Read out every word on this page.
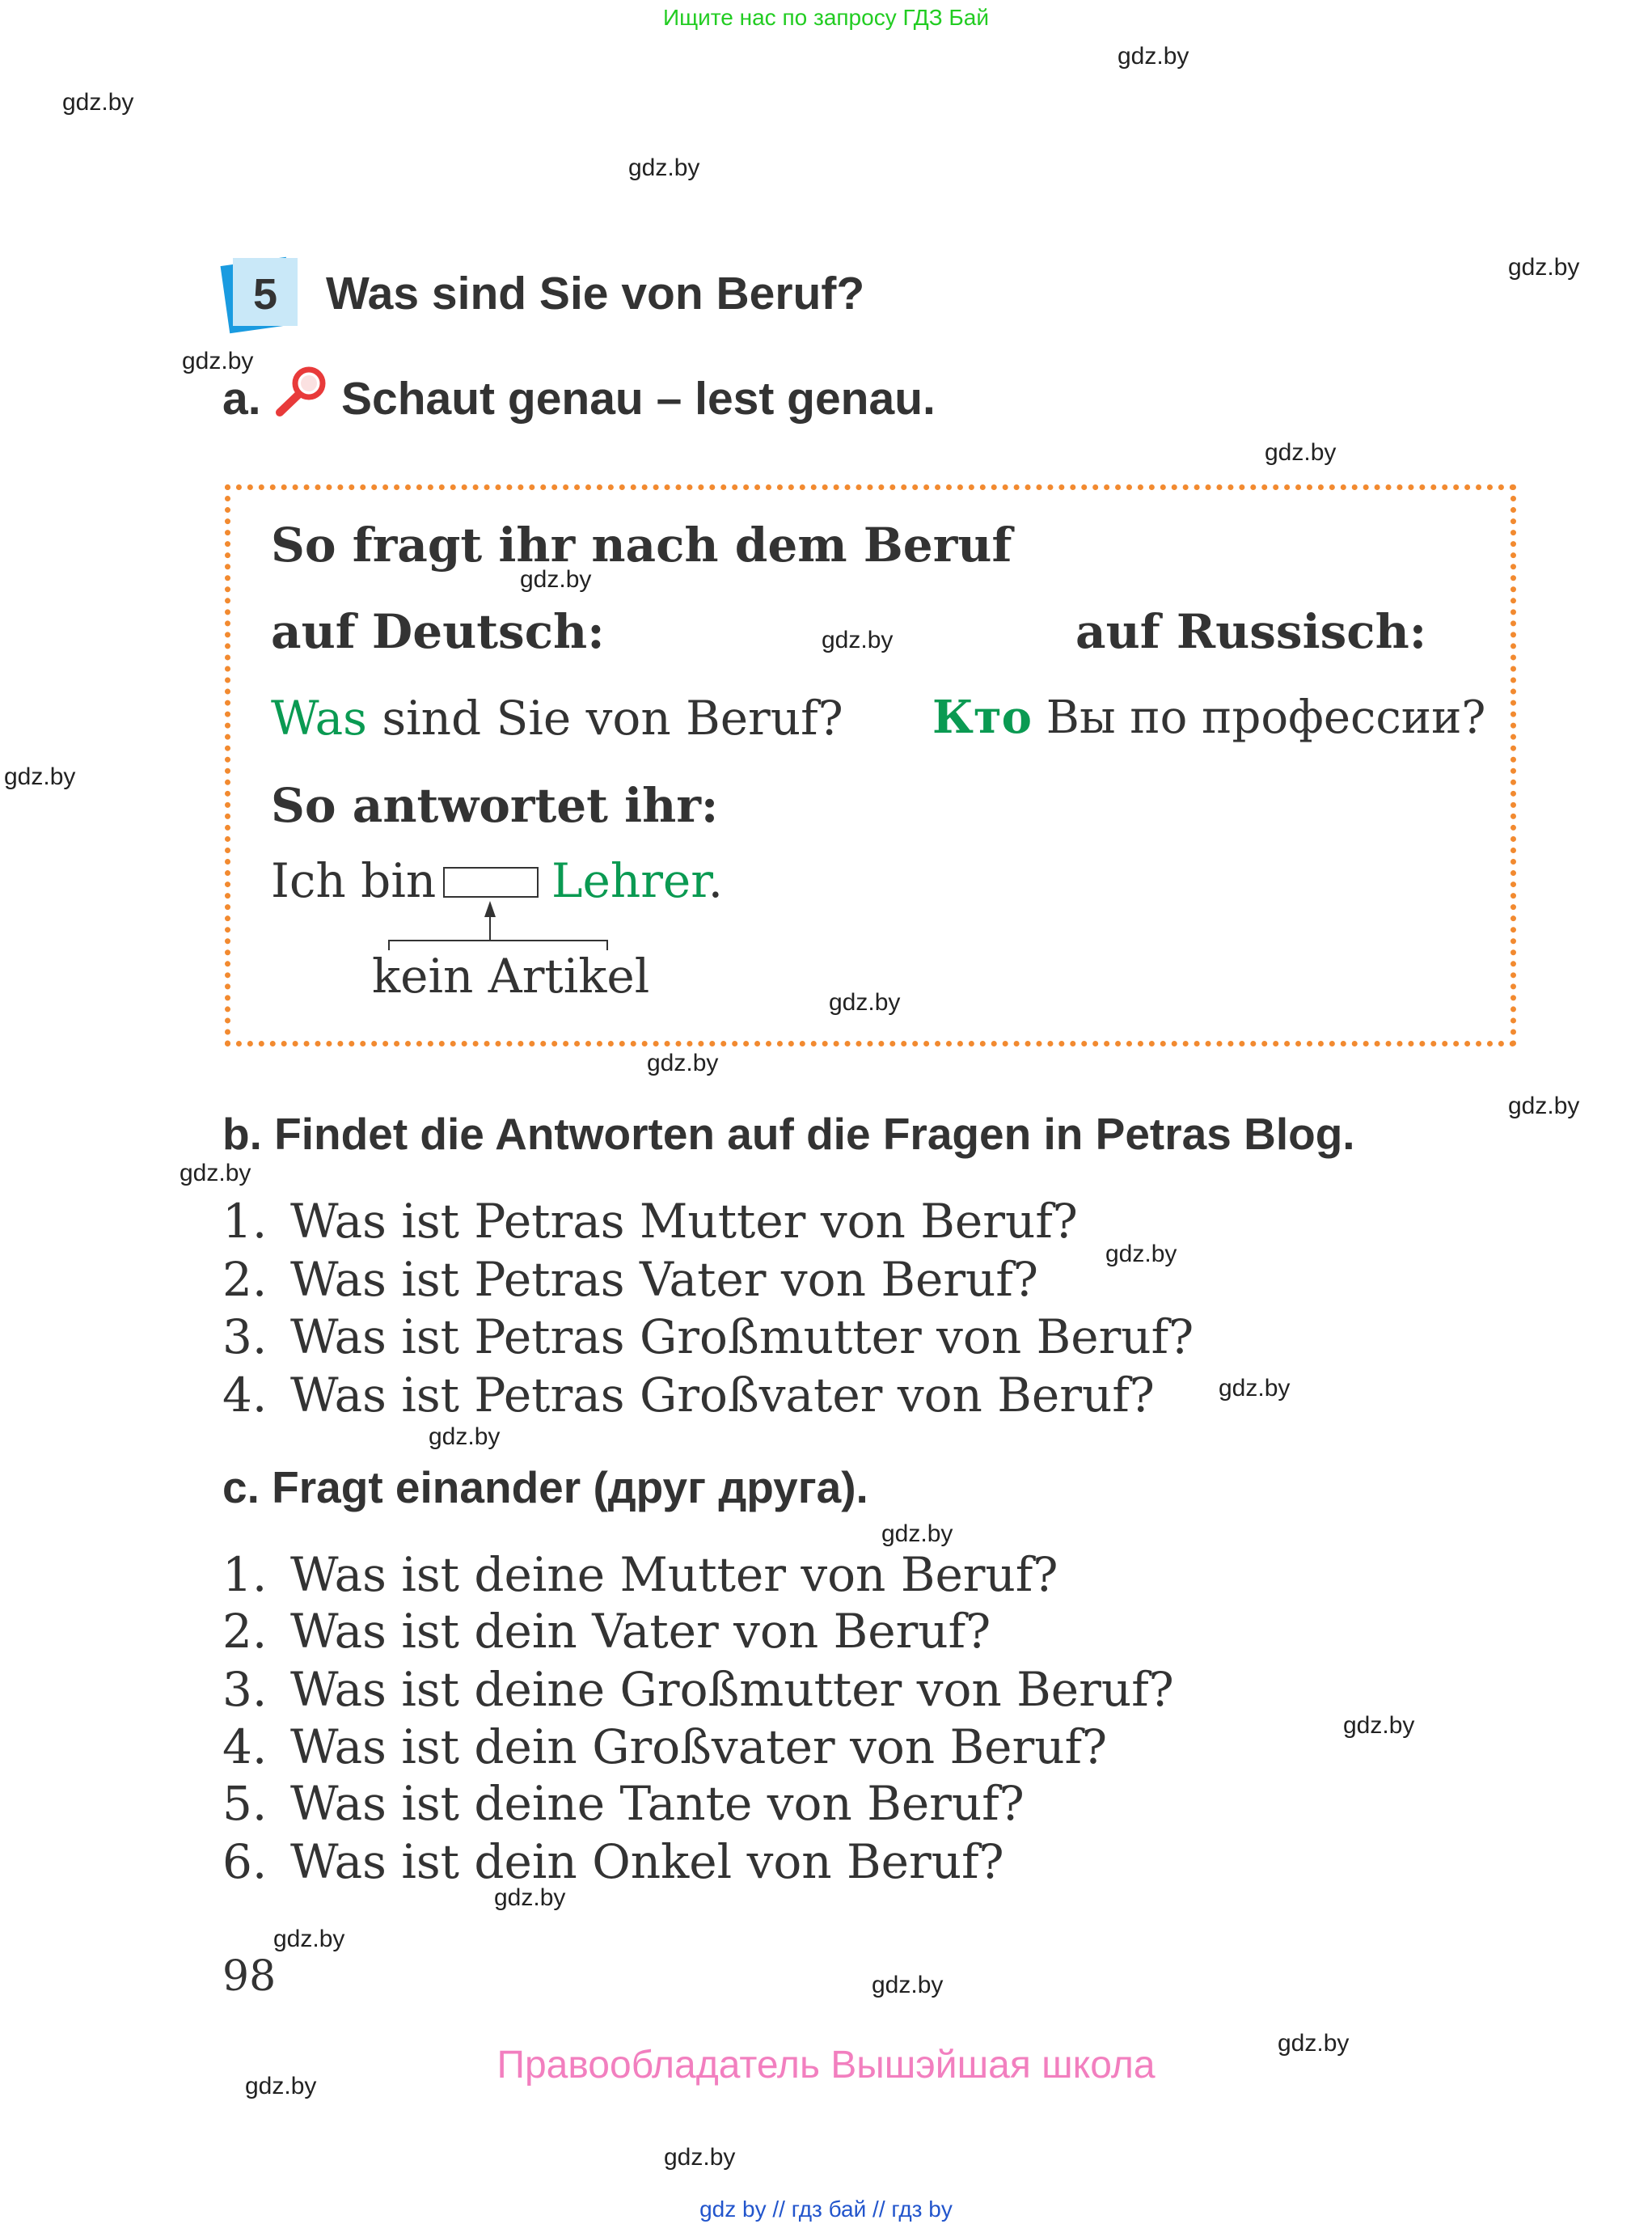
Ищите нас по запросу ГДЗ Бай
gdz.by
gdz.by
gdz.by
gdz.by
gdz.by
gdz.by
gdz.by
gdz.by
gdz.by
gdz.by
gdz.by
gdz.by
gdz.by
gdz.by
gdz.by
gdz.by
gdz.by
gdz.by
gdz.by
gdz.by
gdz.by
gdz.by
gdz.by
gdz.by
5	Was sind Sie von Beruf?
a. Schaut genau – lest genau.
So fragt ihr nach dem Beruf
auf Deutsch:	auf Russisch:
Was sind Sie von Beruf? Кто Вы по профессии?
So antwortet ihr:
Ich bin Lehrer.
kein Artikel
b. Findet die Antworten auf die Fragen in Petras Blog.
1. Was ist Petras Mutter von Beruf?
2. Was ist Petras Vater von Beruf?
3. Was ist Petras Großmutter von Beruf?
4. Was ist Petras Großvater von Beruf?
c. Fragt einander (друг друга).
1. Was ist deine Mutter von Beruf?
2. Was ist dein Vater von Beruf?
3. Was ist deine Großmutter von Beruf?
4. Was ist dein Großvater von Beruf?
5. Was ist deine Tante von Beruf?
6. Was ist dein Onkel von Beruf?
98
Правообладатель Вышэйшая школа
gdz by // гдз бай // гдз by
